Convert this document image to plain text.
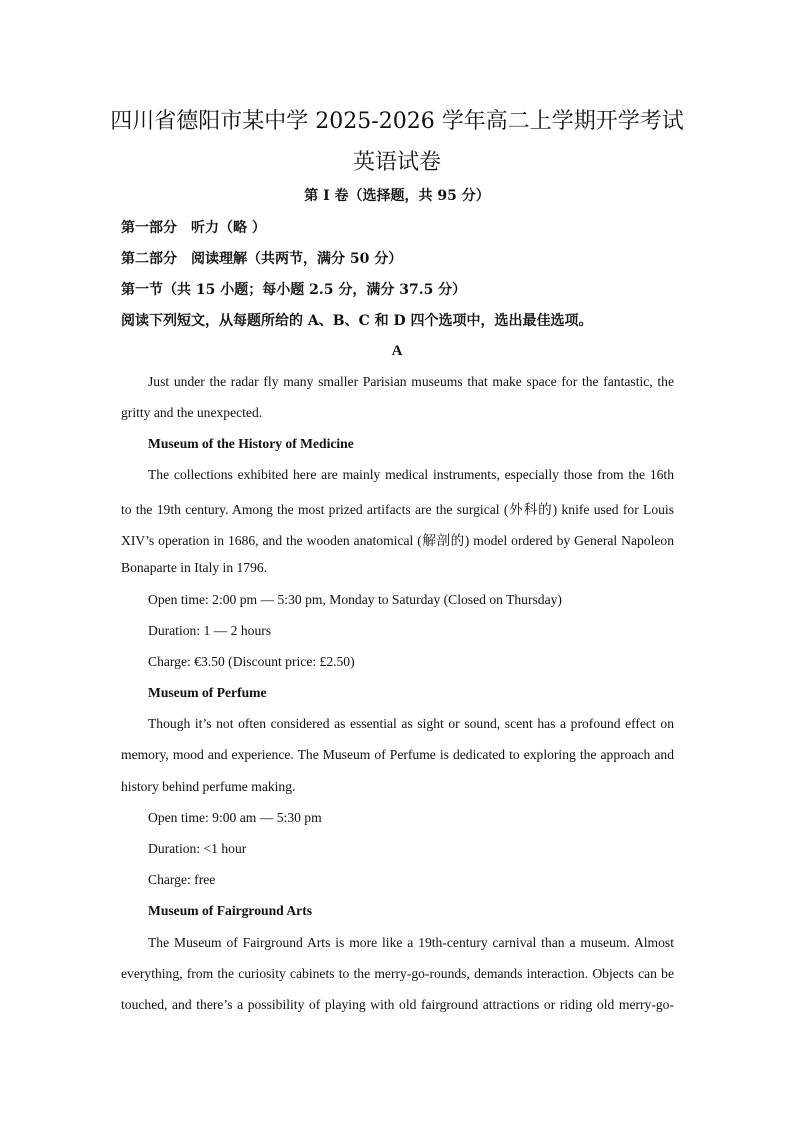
四川省德阳市某中学 2025-2026 学年高二上学期开学考试
英语试卷
第 I 卷（选择题，共 95 分）
第一部分　听力（略 ）
第二部分　阅读理解（共两节，满分 50 分）
第一节（共 15 小题；每小题 2.5 分，满分 37.5 分）
阅读下列短文，从每题所给的 A、B、C 和 D 四个选项中，选出最佳选项。
A
Just under the radar fly many smaller Parisian museums that make space for the fantastic, the
gritty and the unexpected.
Museum of the History of Medicine
The collections exhibited here are mainly medical instruments, especially those from the 16th
to the 19th century. Among the most prized artifacts are the surgical (外科的) knife used for Louis
XIV’s operation in 1686, and the wooden anatomical (解剖的) model ordered by General Napoleon
Bonaparte in Italy in 1796.
Open time: 2:00 pm — 5:30 pm, Monday to Saturday (Closed on Thursday)
Duration: 1 — 2 hours
Charge: €3.50 (Discount price: £2.50)
Museum of Perfume
Though it’s not often considered as essential as sight or sound, scent has a profound effect on
memory, mood and experience. The Museum of Perfume is dedicated to exploring the approach and
history behind perfume making.
Open time: 9:00 am — 5:30 pm
Duration: <1 hour
Charge: free
Museum of Fairground Arts
The Museum of Fairground Arts is more like a 19th-century carnival than a museum. Almost
everything, from the curiosity cabinets to the merry-go-rounds, demands interaction. Objects can be
touched, and there’s a possibility of playing with old fairground attractions or riding old merry-go-
